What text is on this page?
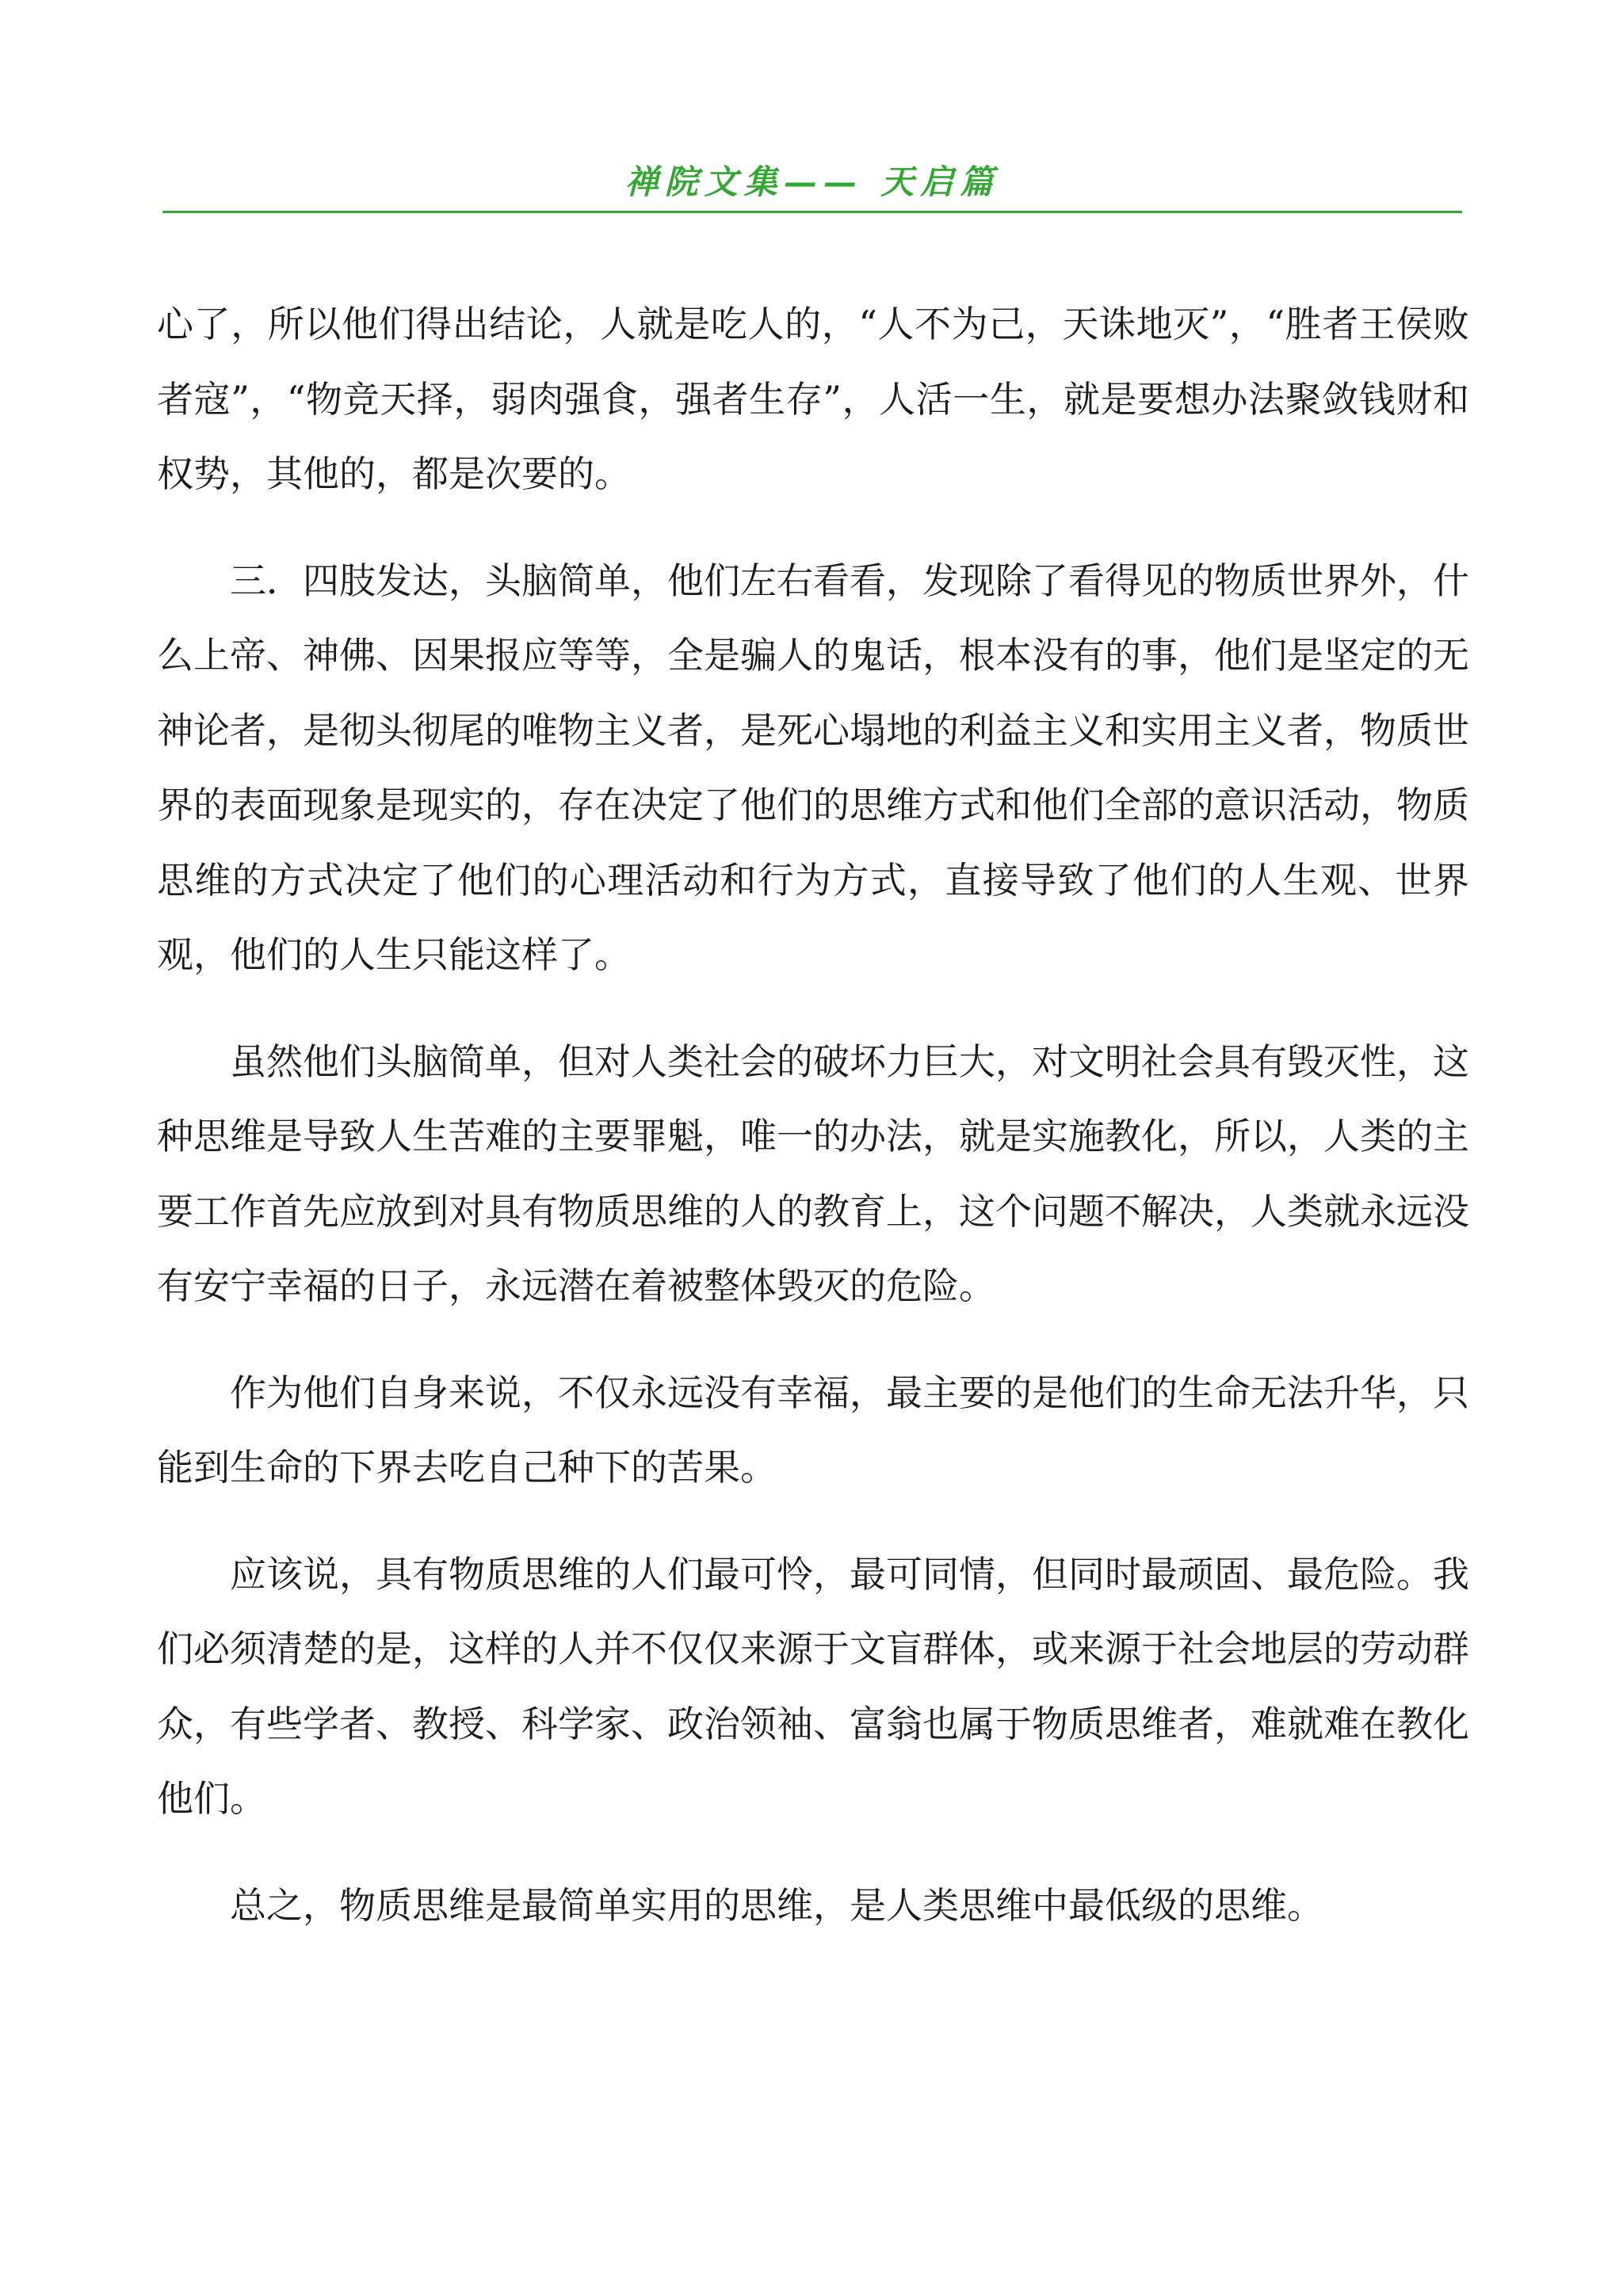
禅院文集—— 天启篇

心了，所以他们得出结论，人就是吃人的，“人不为己，天诛地灭”，“胜者王侯败者寇”，“物竞天择，弱肉强食，强者生存”，人活一生，就是要想办法聚敛钱财和权势，其他的，都是次要的。

三．四肢发达，头脑简单，他们左右看看，发现除了看得见的物质世界外，什么上帝、神佛、因果报应等等，全是骗人的鬼话，根本没有的事，他们是坚定的无神论者，是彻头彻尾的唯物主义者，是死心塌地的利益主义和实用主义者，物质世界的表面现象是现实的，存在决定了他们的思维方式和他们全部的意识活动，物质思维的方式决定了他们的心理活动和行为方式，直接导致了他们的人生观、世界观，他们的人生只能这样了。

虽然他们头脑简单，但对人类社会的破坏力巨大，对文明社会具有毁灭性，这种思维是导致人生苦难的主要罪魁，唯一的办法，就是实施教化，所以，人类的主要工作首先应放到对具有物质思维的人的教育上，这个问题不解决，人类就永远没有安宁幸福的日子，永远潜在着被整体毁灭的危险。

作为他们自身来说，不仅永远没有幸福，最主要的是他们的生命无法升华，只能到生命的下界去吃自己种下的苦果。

应该说，具有物质思维的人们最可怜，最可同情，但同时最顽固、最危险。我们必须清楚的是，这样的人并不仅仅来源于文盲群体，或来源于社会地层的劳动群众，有些学者、教授、科学家、政治领袖、富翁也属于物质思维者，难就难在教化他们。

总之，物质思维是最简单实用的思维，是人类思维中最低级的思维。
